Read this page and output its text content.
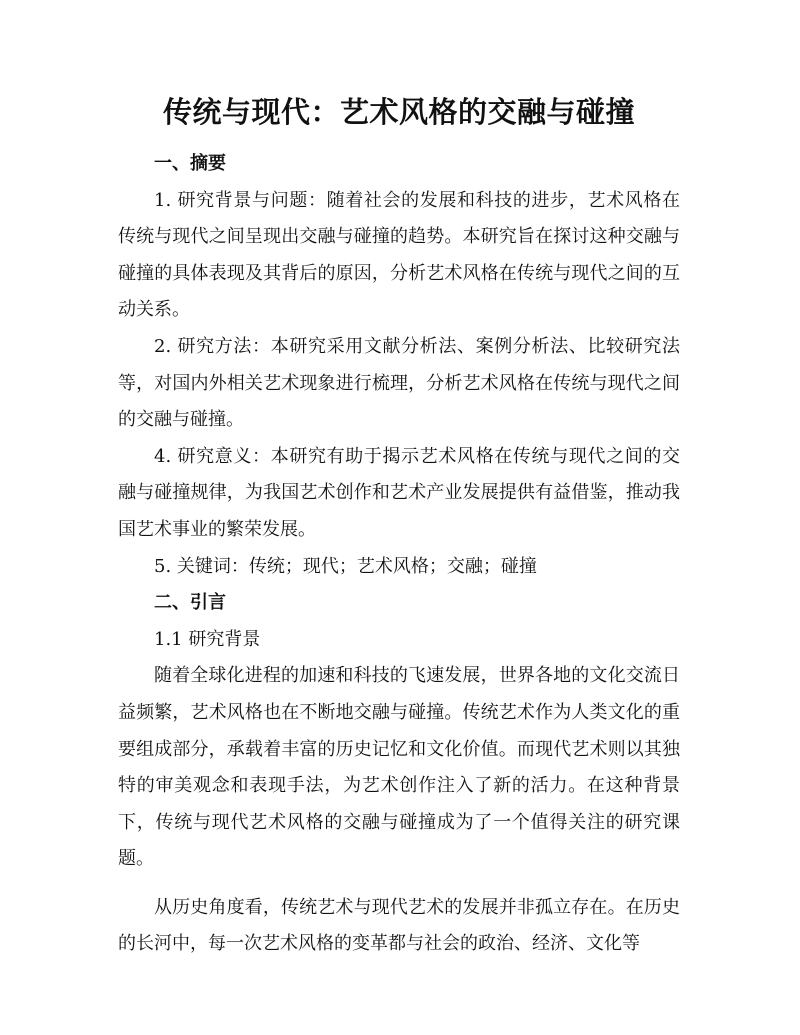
传统与现代：艺术风格的交融与碰撞

一、摘要

1. 研究背景与问题：随着社会的发展和科技的进步，艺术风格在传统与现代之间呈现出交融与碰撞的趋势。本研究旨在探讨这种交融与碰撞的具体表现及其背后的原因，分析艺术风格在传统与现代之间的互动关系。

2. 研究方法：本研究采用文献分析法、案例分析法、比较研究法等，对国内外相关艺术现象进行梳理，分析艺术风格在传统与现代之间的交融与碰撞。

4. 研究意义：本研究有助于揭示艺术风格在传统与现代之间的交融与碰撞规律，为我国艺术创作和艺术产业发展提供有益借鉴，推动我国艺术事业的繁荣发展。

5. 关键词：传统；现代；艺术风格；交融；碰撞

二、引言

1.1 研究背景

随着全球化进程的加速和科技的飞速发展，世界各地的文化交流日益频繁，艺术风格也在不断地交融与碰撞。传统艺术作为人类文化的重要组成部分，承载着丰富的历史记忆和文化价值。而现代艺术则以其独特的审美观念和表现手法，为艺术创作注入了新的活力。在这种背景下，传统与现代艺术风格的交融与碰撞成为了一个值得关注的研究课题。

从历史角度看，传统艺术与现代艺术的发展并非孤立存在。在历史的长河中，每一次艺术风格的变革都与社会的政治、经济、文化等
